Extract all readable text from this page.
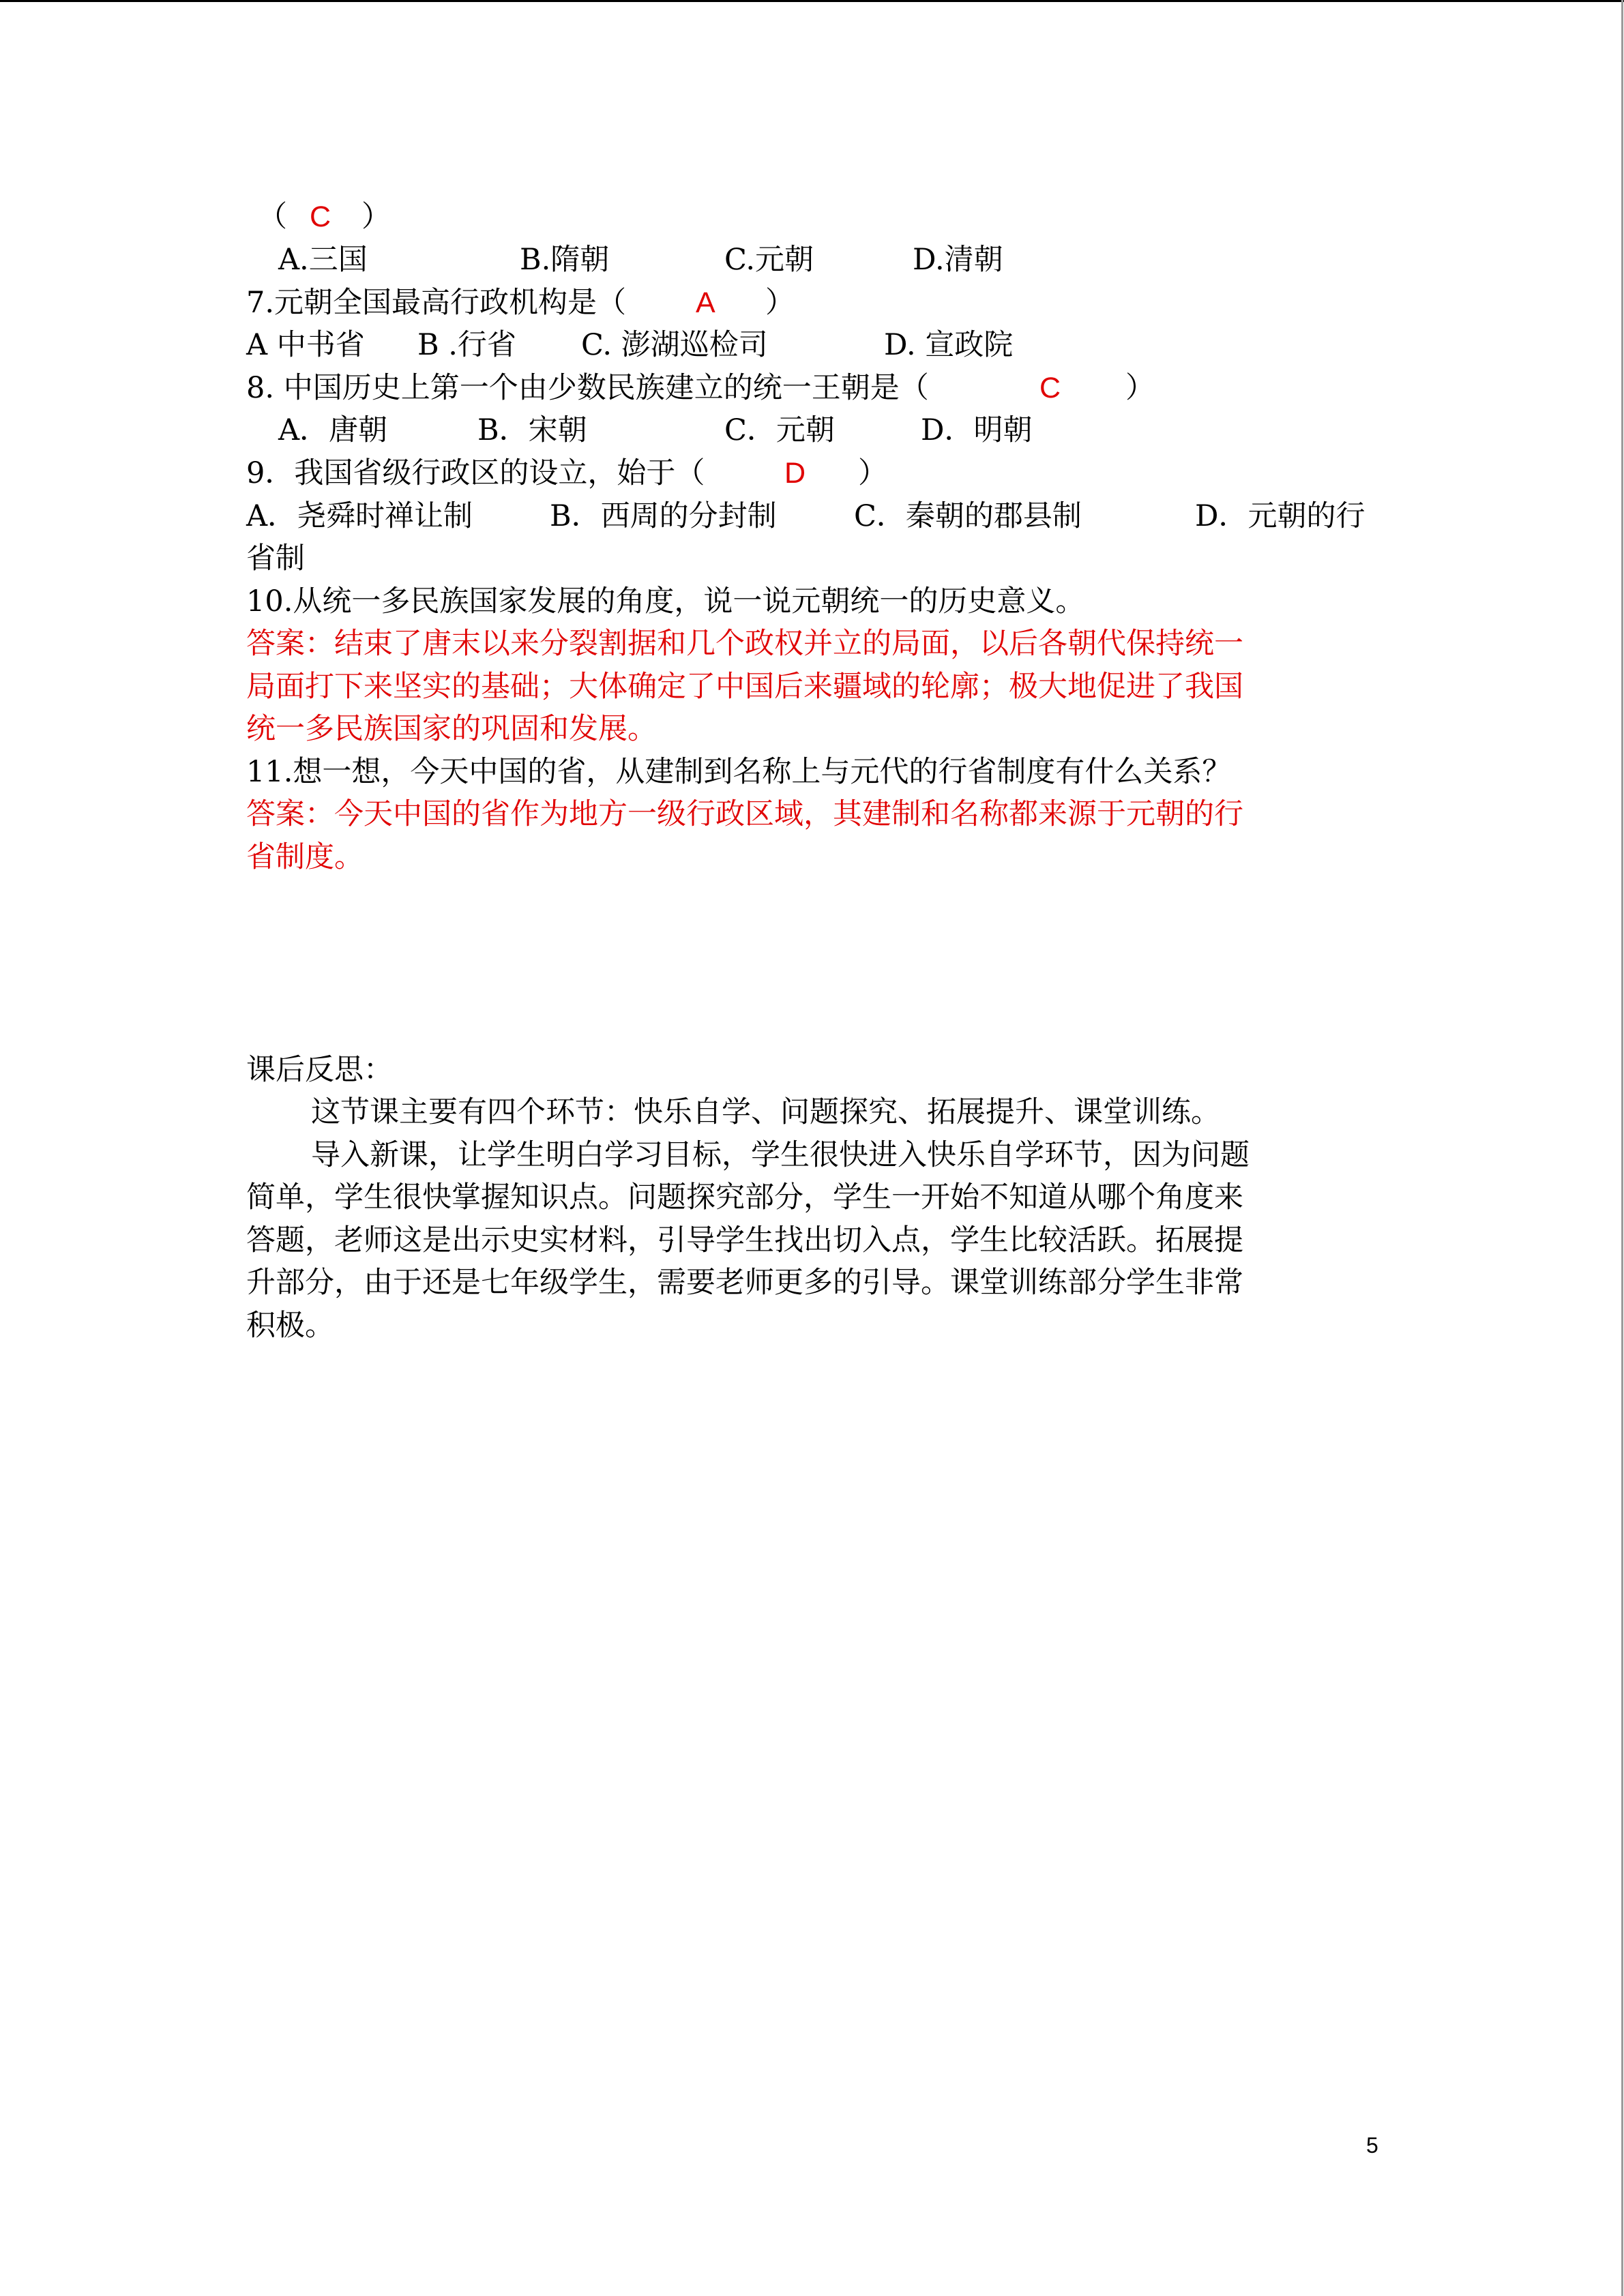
（ C ）
A.三国	B.隋朝	C.元朝	D.清朝
7.元朝全国最高行政机构是（ A ）
A 中书省 B .行省 C. 澎湖巡检司	D. 宣政院
8. 中国历史上第一个由少数民族建立的统一王朝是（	C ）
A．唐朝	B．宋朝	C．元朝	D．明朝
9．我国省级行政区的设立，始于（	D ）
A．尧舜时禅让制	B．西周的分封制	C．秦朝的郡县制	D．元朝的行
省制
10.从统一多民族国家发展的角度，说一说元朝统一的历史意义。
答案：结束了唐末以来分裂割据和几个政权并立的局面，以后各朝代保持统一
局面打下来坚实的基础；大体确定了中国后来疆域的轮廓；极大地促进了我国
统一多民族国家的巩固和发展。
11.想一想，今天中国的省，从建制到名称上与元代的行省制度有什么关系？
答案：今天中国的省作为地方一级行政区域，其建制和名称都来源于元朝的行
省制度。
课后反思：
这节课主要有四个环节：快乐自学、问题探究、拓展提升、课堂训练。
导入新课，让学生明白学习目标，学生很快进入快乐自学环节，因为问题
简单，学生很快掌握知识点。问题探究部分，学生一开始不知道从哪个角度来
答题，老师这是出示史实材料，引导学生找出切入点，学生比较活跃。拓展提
升部分，由于还是七年级学生，需要老师更多的引导。课堂训练部分学生非常
积极。
5
